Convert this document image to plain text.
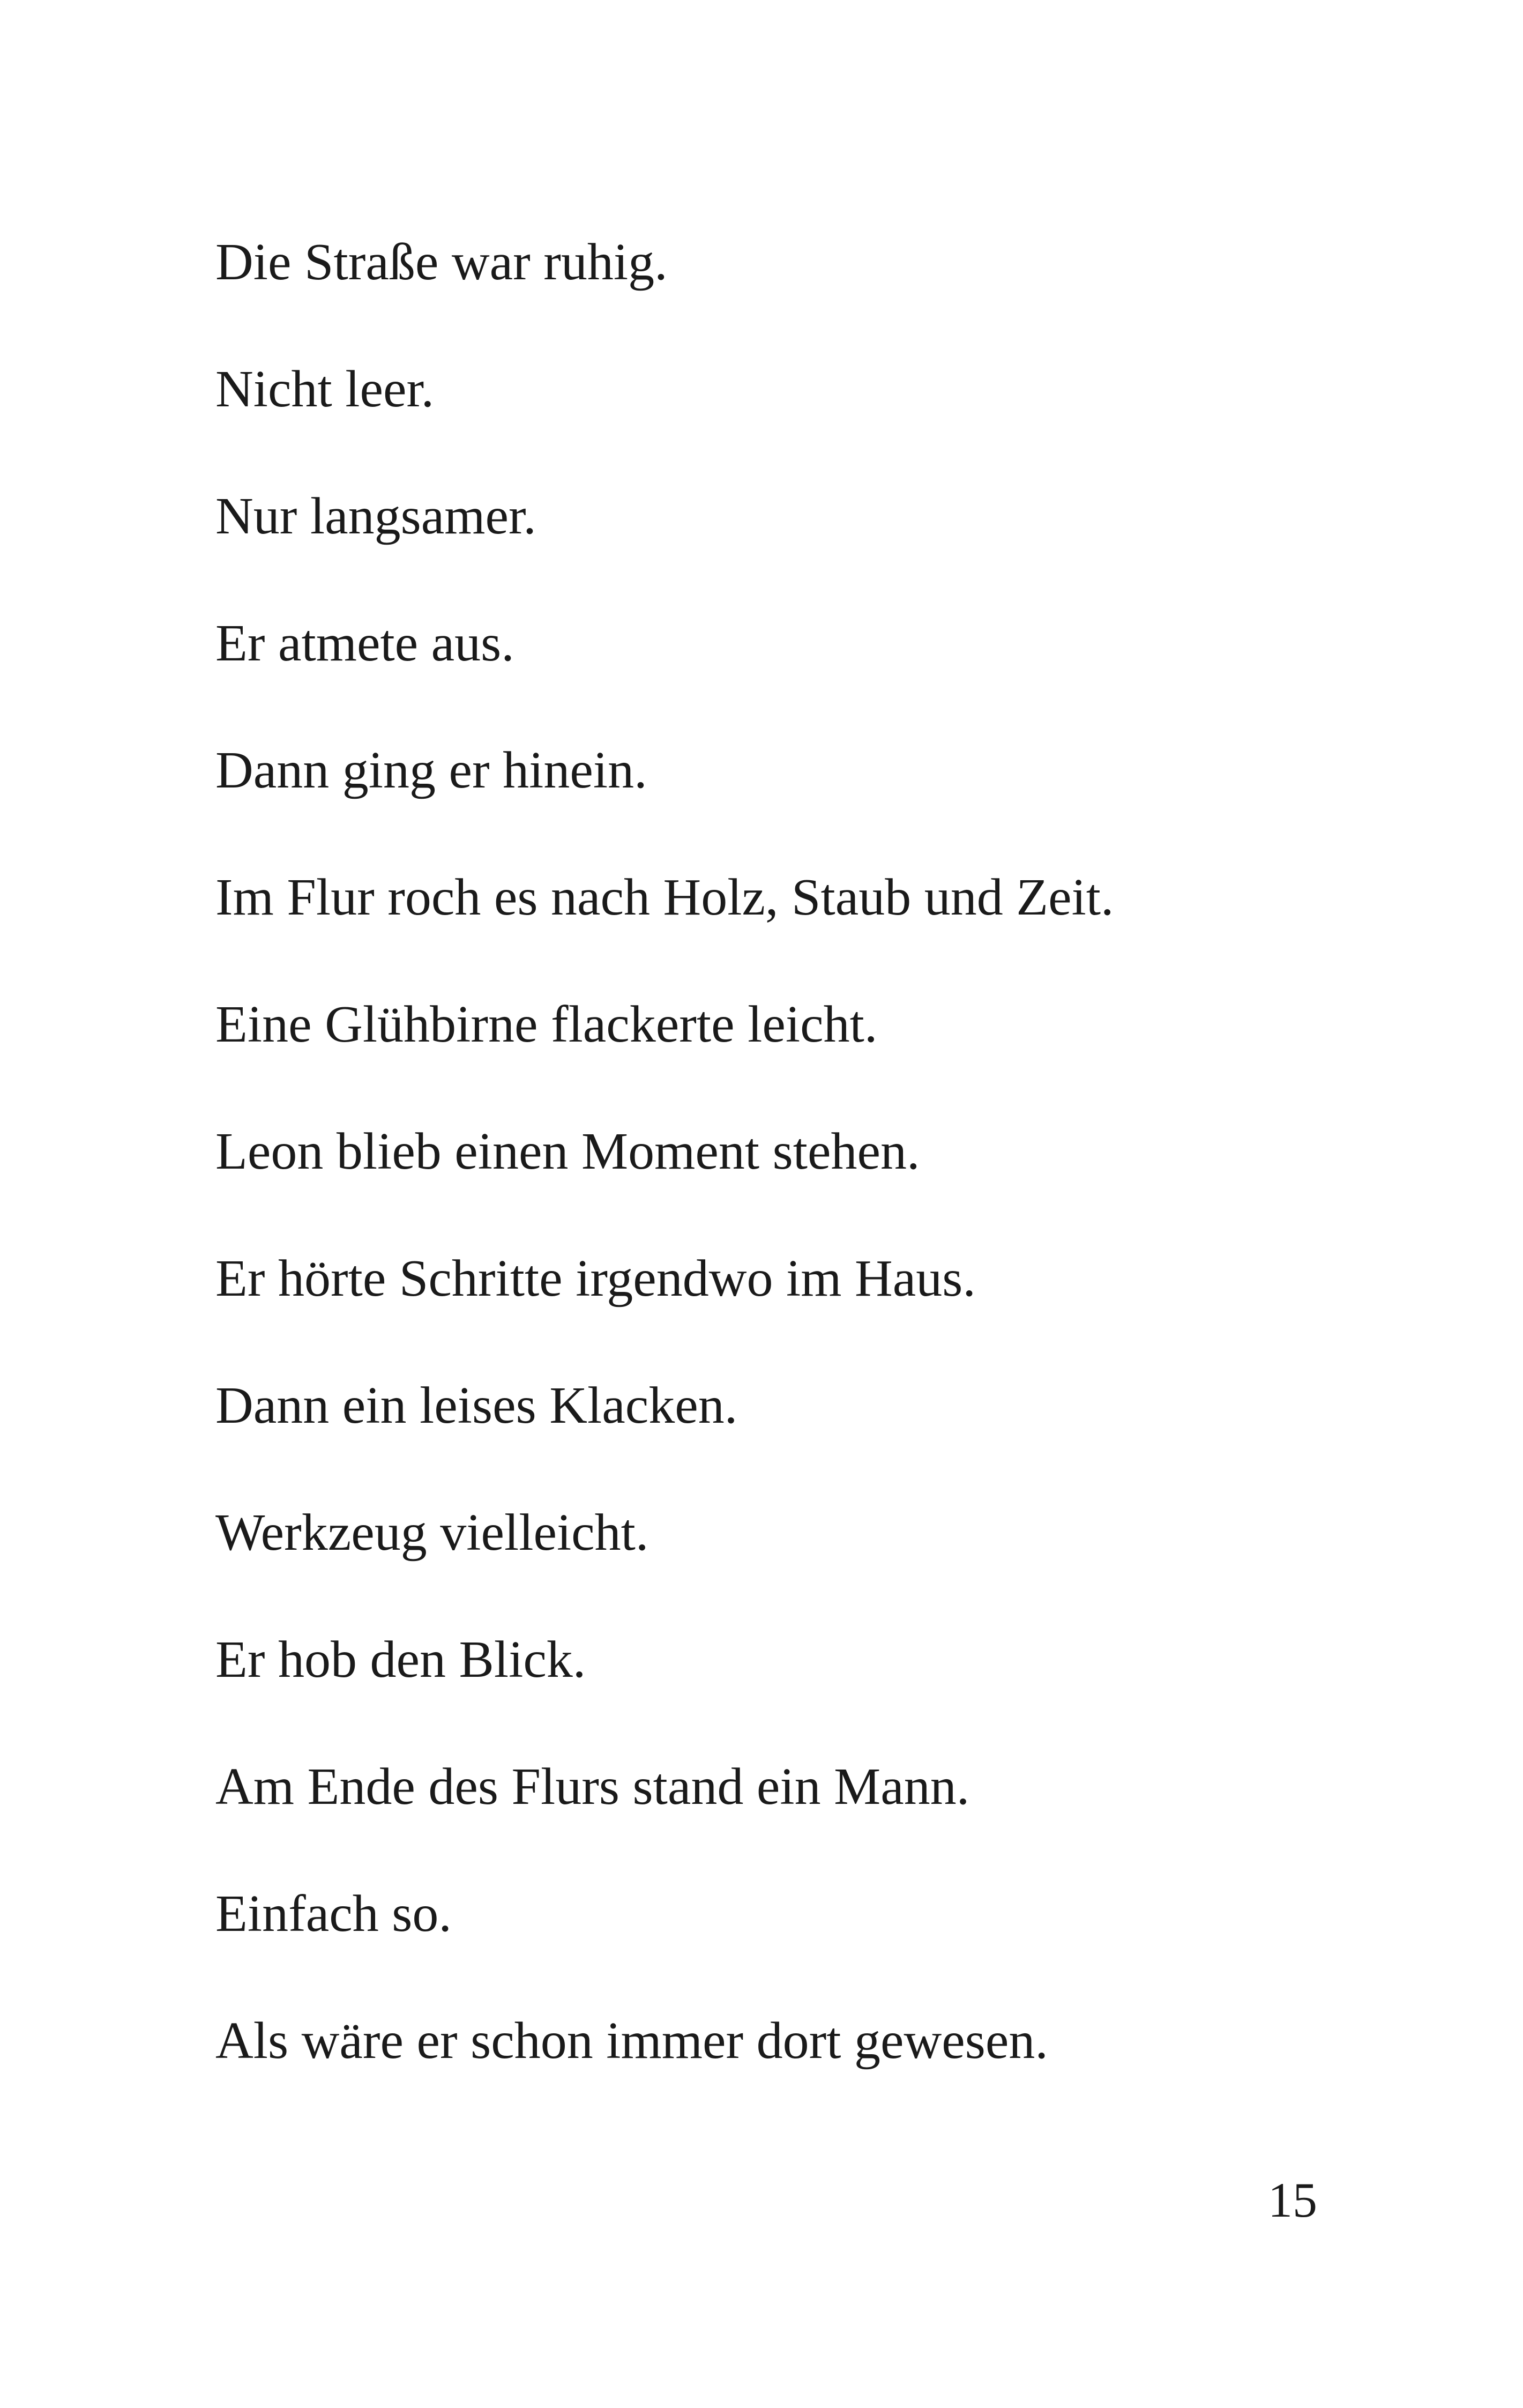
Die Straße war ruhig.

Nicht leer.

Nur langsamer.

Er atmete aus.

Dann ging er hinein.

Im Flur roch es nach Holz, Staub und Zeit.

Eine Glühbirne flackerte leicht.

Leon blieb einen Moment stehen.

Er hörte Schritte irgendwo im Haus.

Dann ein leises Klacken.

Werkzeug vielleicht.

Er hob den Blick.

Am Ende des Flurs stand ein Mann.

Einfach so.

Als wäre er schon immer dort gewesen.

15
